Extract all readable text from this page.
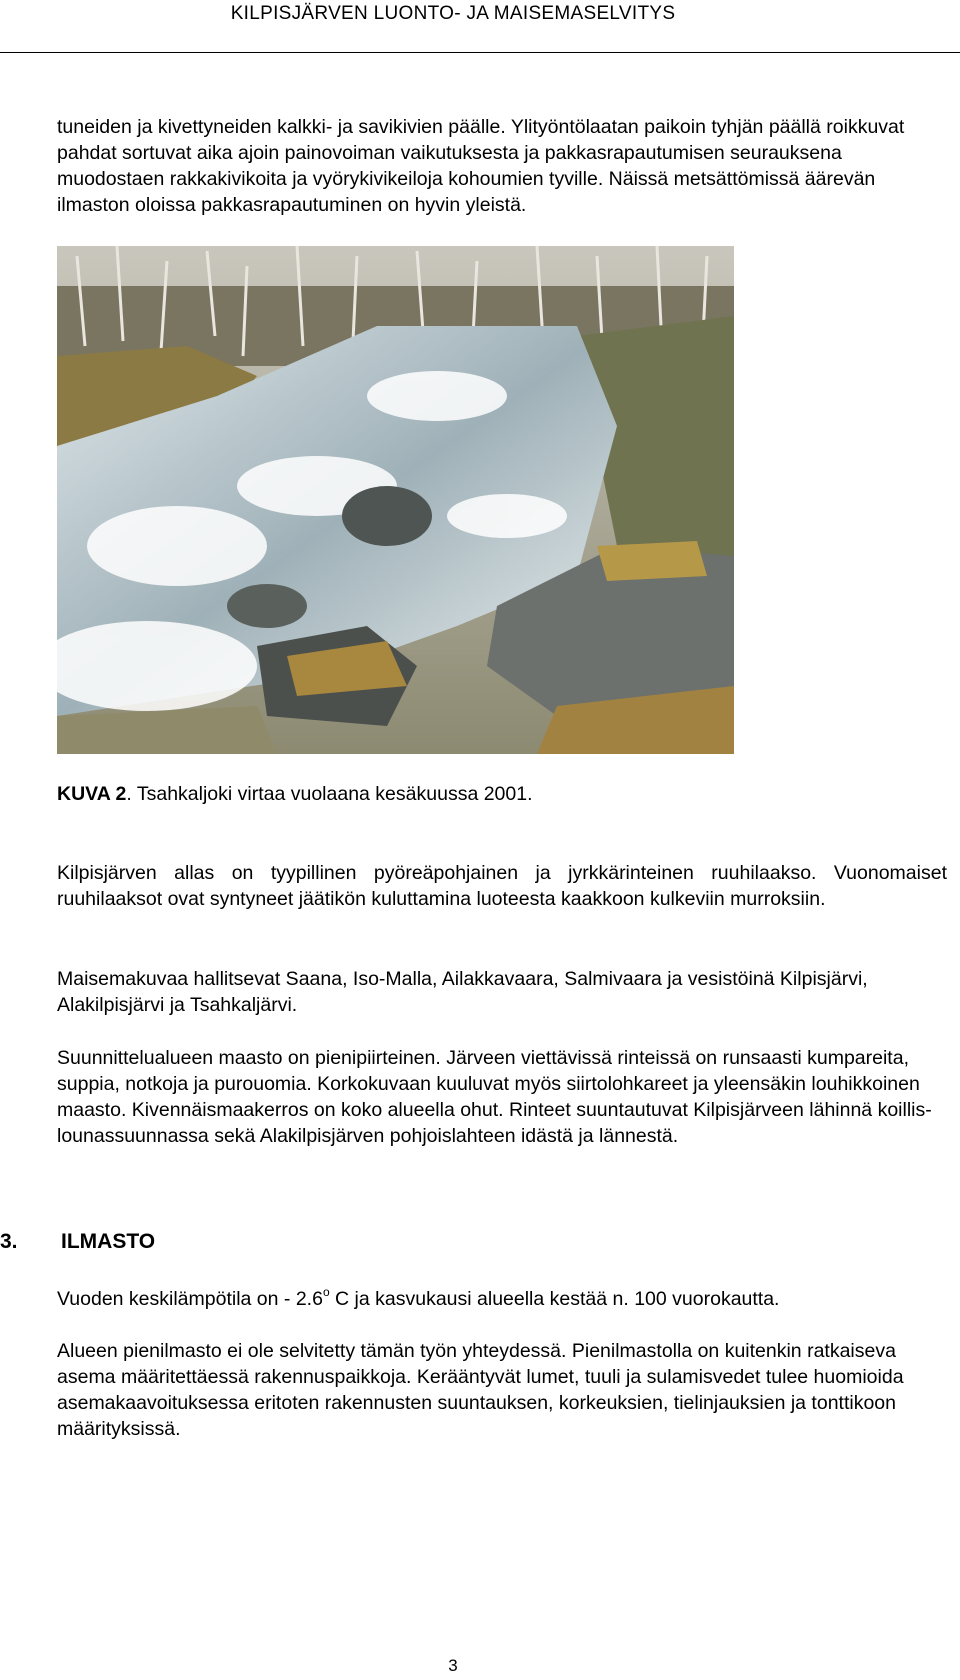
KILPISJÄRVEN LUONTO- JA MAISEMASELVITYS

tuneiden ja kivettyneiden kalkki- ja savikivien päälle. Ylityöntölaatan paikoin tyhjän päällä roikkuvat pahdat sortuvat aika ajoin painovoiman vaikutuksesta ja pakkasrapautumisen seurauksena muodostaen rakkakivikoita ja vyörykivikeiloja kohoumien tyville. Näissä metsättömissä äärevän ilmaston oloissa pakkasrapautuminen on hyvin yleistä.

KUVA 2. Tsahkaljoki virtaa vuolaana kesäkuussa 2001.

Kilpisjärven allas on tyypillinen pyöreäpohjainen ja jyrkkärinteinen ruuhilaakso. Vuonomaiset ruuhilaaksot ovat syntyneet jäätikön kuluttamina luoteesta kaakkoon kulkeviin murroksiin.

Maisemakuvaa hallitsevat Saana, Iso-Malla, Ailakkavaara, Salmivaara ja vesistöinä Kilpisjärvi, Alakilpisjärvi ja Tsahkaljärvi.

Suunnittelualueen maasto on pienipiirteinen. Järveen viettävissä rinteissä on runsaasti kumpareita, suppia, notkoja ja purouomia. Korkokuvaan kuuluvat myös siirtolohkareet ja yleensäkin louhikkoinen maasto. Kivennäismaakerros on koko alueella ohut. Rinteet suuntautuvat Kilpisjärveen lähinnä koillis-lounassuunnassa sekä Alakilpisjärven pohjoislahteen idästä ja lännestä.

3. ILMASTO

Vuoden keskilämpötila on - 2.6$^o$ C ja kasvukausi alueella kestää n. 100 vuorokautta.

Alueen pienilmasto ei ole selvitetty tämän työn yhteydessä. Pienilmastolla on kuitenkin ratkaiseva asema määritettäessä rakennuspaikkoja. Kerääntyvät lumet, tuuli ja sulamisvedet tulee huomioida asemakaavoituksessa eritoten rakennusten suuntauksen, korkeuksien, tielinjauksien ja tonttikoon määrityksissä.

3
